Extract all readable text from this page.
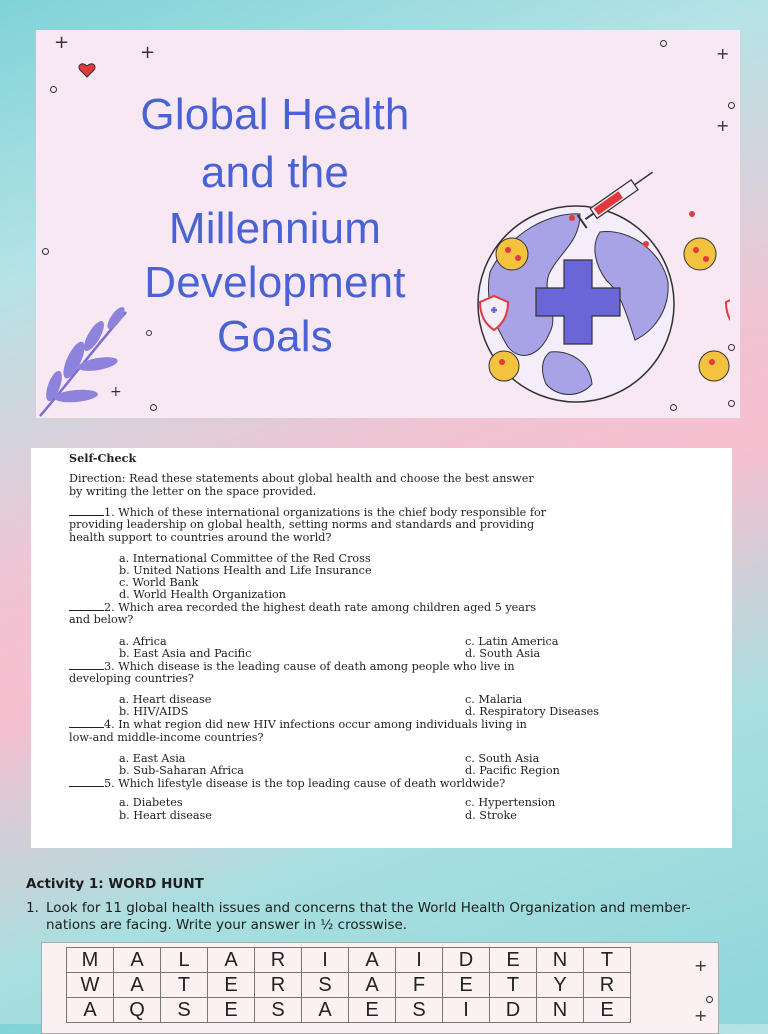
Global Health
and the
Millennium
Development
Goals
+	+	+
+
+
Self-Check
Direction: Read these statements about global health and choose the best answer
by writing the letter on the space provided.
1. Which of these international organizations is the chief body responsible for
providing leadership on global health, setting norms and standards and providing
health support to countries around the world?
a. International Committee of the Red Cross
b. United Nations Health and Life Insurance
c. World Bank
d. World Health Organization
2. Which area recorded the highest death rate among children aged 5 years
and below?
a. Africa
b. East Asia and Pacific
c. Latin America
d. South Asia
3. Which disease is the leading cause of death among people who live in
developing countries?
a. Heart disease
b. HIV/AIDS
c. Malaria
d. Respiratory Diseases
4. In what region did new HIV infections occur among individuals living in
low-and middle-income countries?
a. East Asia
b. Sub-Saharan Africa
c. South Asia
d. Pacific Region
5. Which lifestyle disease is the top leading cause of death worldwide?
a. Diabetes
b. Heart disease
c. Hypertension
d. Stroke
Activity 1: WORD HUNT
1. Look for 11 global health issues and concerns that the World Health Organization and member-
nations are facing. Write your answer in ½ crosswise.
M	A	L	A	R	I	A	I	D	E	N	T
W	A	T	E	R	S	A	F	E	T	Y	R
A	Q	S	E	S	A	E	S	I	D	N	E
+
+
